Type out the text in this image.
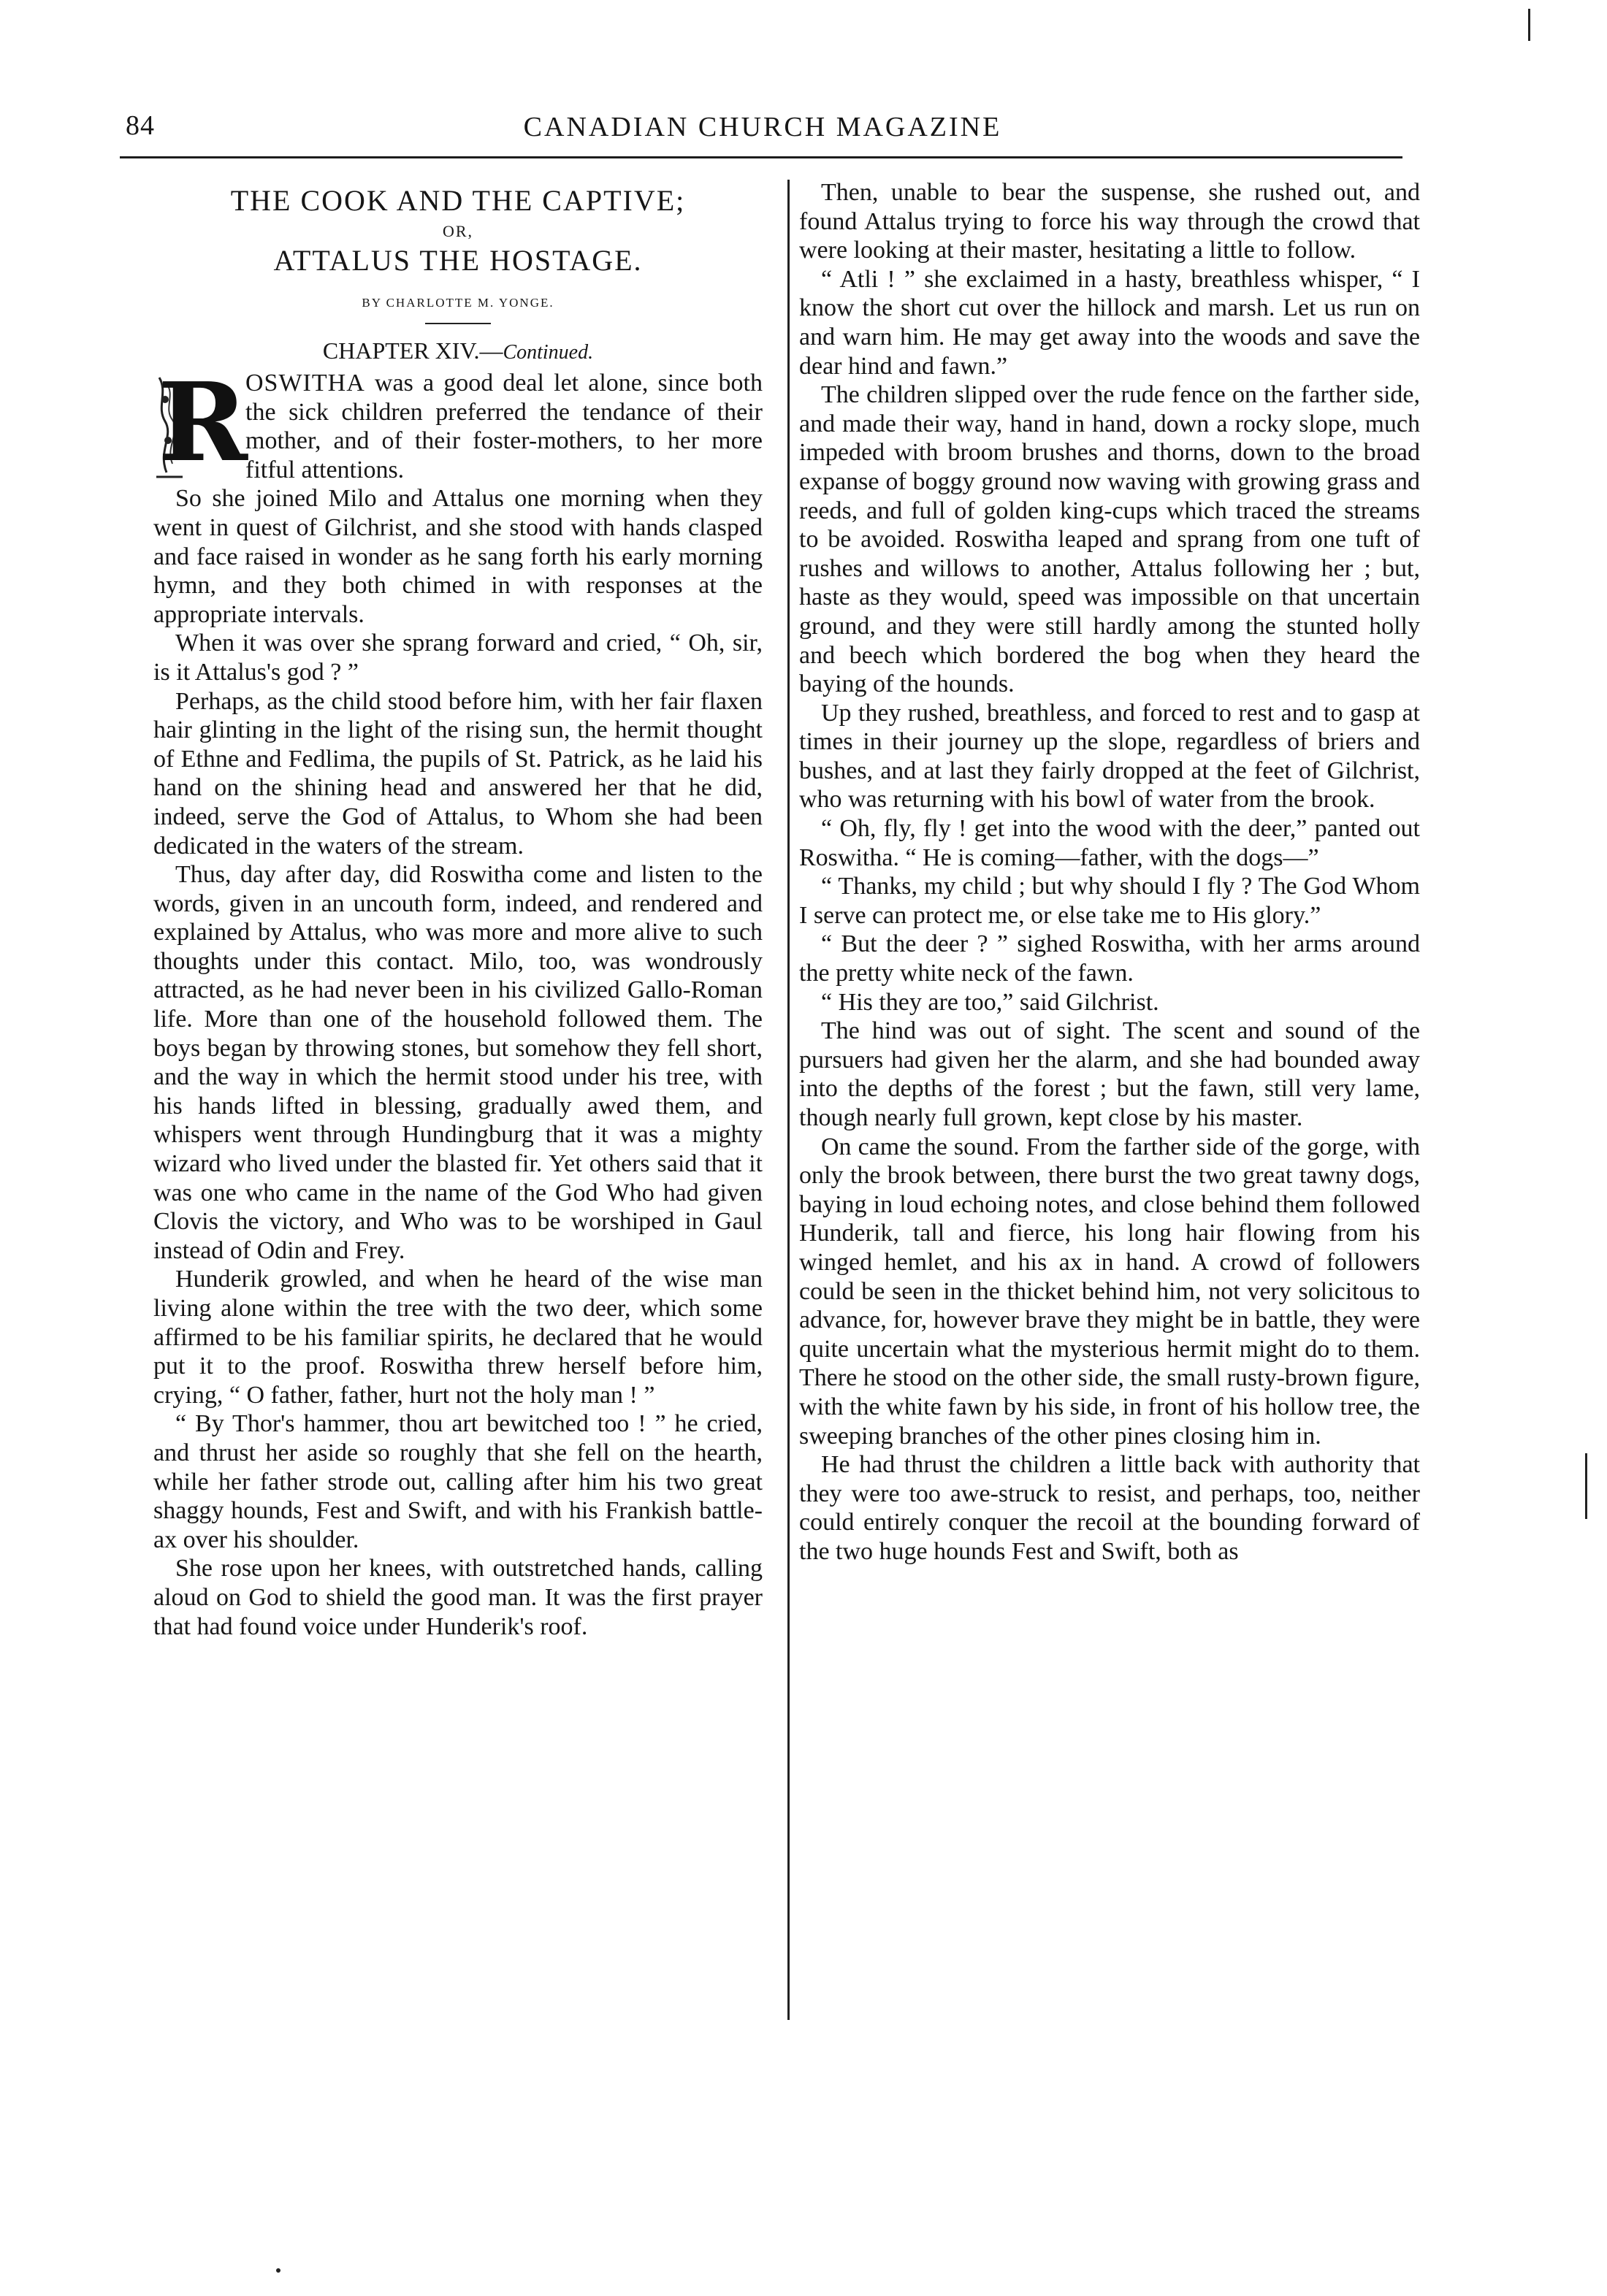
84	CANADIAN CHURCH MAGAZINE
THE COOK AND THE CAPTIVE;
OR,
ATTALUS THE HOSTAGE.
BY CHARLOTTE M. YONGE.
CHAPTER XIV.—Continued.

R
OSWITHA was a good deal let alone, since both the sick children preferred the tendance of their mother, and of their foster-mothers, to her more fitful attentions.

So she joined Milo and Attalus one morning when they went in quest of Gilchrist, and she stood with hands clasped and face raised in wonder as he sang forth his early morning hymn, and they both chimed in with responses at the appropriate intervals.

When it was over she sprang forward and cried, “ Oh, sir, is it Attalus's god ? ”

Perhaps, as the child stood before him, with her fair flaxen hair glinting in the light of the rising sun, the hermit thought of Ethne and Fedlima, the pupils of St. Patrick, as he laid his hand on the shining head and answered her that he did, indeed, serve the God of Attalus, to Whom she had been dedicated in the waters of the stream.

Thus, day after day, did Roswitha come and listen to the words, given in an uncouth form, indeed, and rendered and explained by Attalus, who was more and more alive to such thoughts under this contact. Milo, too, was wondrously attracted, as he had never been in his civilized Gallo-Roman life. More than one of the household followed them. The boys began by throwing stones, but somehow they fell short, and the way in which the hermit stood under his tree, with his hands lifted in blessing, gradually awed them, and whispers went through Hundingburg that it was a mighty wizard who lived under the blasted fir. Yet others said that it was one who came in the name of the God Who had given Clovis the victory, and Who was to be worshiped in Gaul instead of Odin and Frey.

Hunderik growled, and when he heard of the wise man living alone within the tree with the two deer, which some affirmed to be his familiar spirits, he declared that he would put it to the proof. Roswitha threw herself before him, crying, “ O father, father, hurt not the holy man ! ”

“ By Thor's hammer, thou art bewitched too ! ” he cried, and thrust her aside so roughly that she fell on the hearth, while her father strode out, calling after him his two great shaggy hounds, Fest and Swift, and with his Frankish battle-ax over his shoulder.

She rose upon her knees, with outstretched hands, calling aloud on God to shield the good man. It was the first prayer that had found voice under Hunderik's roof.

Then, unable to bear the suspense, she rushed out, and found Attalus trying to force his way through the crowd that were looking at their master, hesitating a little to follow.

“ Atli ! ” she exclaimed in a hasty, breathless whisper, “ I know the short cut over the hillock and marsh. Let us run on and warn him. He may get away into the woods and save the dear hind and fawn.”

The children slipped over the rude fence on the farther side, and made their way, hand in hand, down a rocky slope, much impeded with broom brushes and thorns, down to the broad expanse of boggy ground now waving with growing grass and reeds, and full of golden king-cups which traced the streams to be avoided. Roswitha leaped and sprang from one tuft of rushes and willows to another, Attalus following her ; but, haste as they would, speed was impossible on that uncertain ground, and they were still hardly among the stunted holly and beech which bordered the bog when they heard the baying of the hounds.

Up they rushed, breathless, and forced to rest and to gasp at times in their journey up the slope, regardless of briers and bushes, and at last they fairly dropped at the feet of Gilchrist, who was returning with his bowl of water from the brook.

“ Oh, fly, fly ! get into the wood with the deer,” panted out Roswitha. “ He is coming—father, with the dogs—”

“ Thanks, my child ; but why should I fly ? The God Whom I serve can protect me, or else take me to His glory.”

“ But the deer ? ” sighed Roswitha, with her arms around the pretty white neck of the fawn.

“ His they are too,” said Gilchrist.

The hind was out of sight. The scent and sound of the pursuers had given her the alarm, and she had bounded away into the depths of the forest ; but the fawn, still very lame, though nearly full grown, kept close by his master.

On came the sound. From the farther side of the gorge, with only the brook between, there burst the two great tawny dogs, baying in loud echoing notes, and close behind them followed Hunderik, tall and fierce, his long hair flowing from his winged hemlet, and his ax in hand. A crowd of followers could be seen in the thicket behind him, not very solicitous to advance, for, however brave they might be in battle, they were quite uncertain what the mysterious hermit might do to them. There he stood on the other side, the small rusty-brown figure, with the white fawn by his side, in front of his hollow tree, the sweeping branches of the other pines closing him in.

He had thrust the children a little back with authority that they were too awe-struck to resist, and perhaps, too, neither could entirely conquer the recoil at the bounding forward of the two huge hounds Fest and Swift, both as
